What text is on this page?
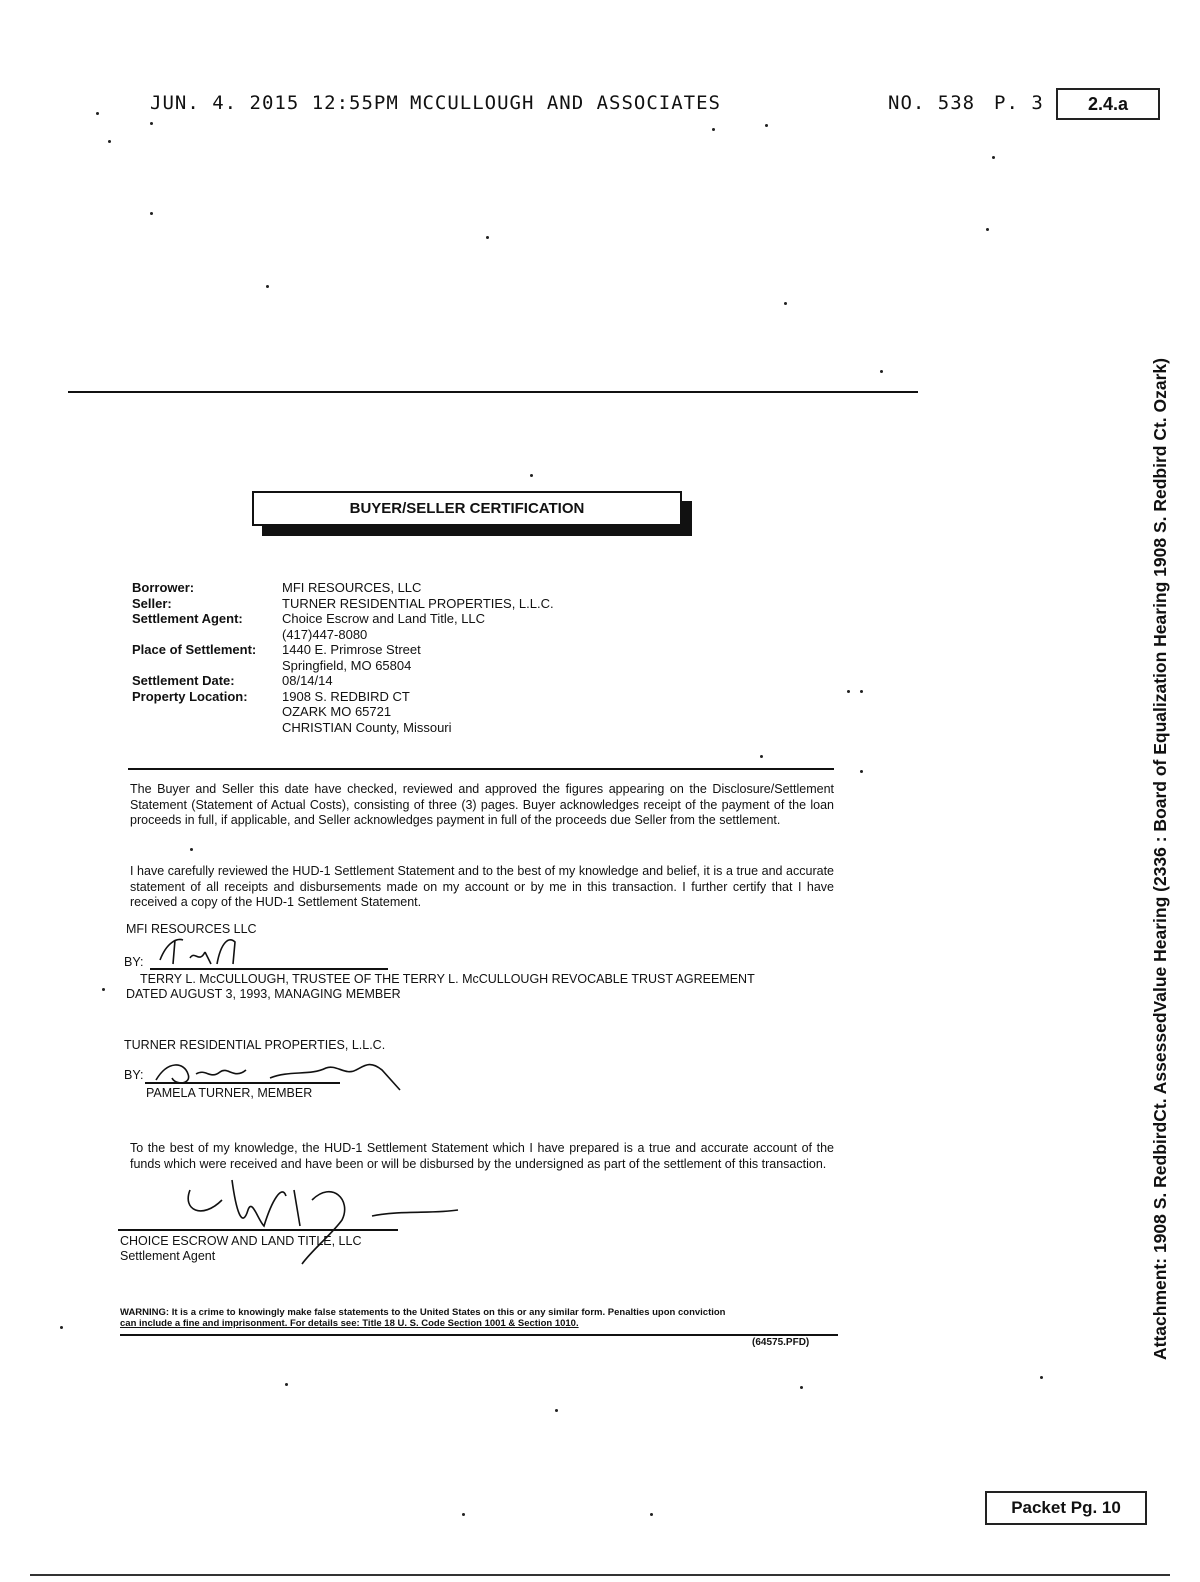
JUN. 4. 2015 12:55PM MCCULLOUGH AND ASSOCIATES	NO. 538 P. 3	2.4.a
BUYER/SELLER CERTIFICATION
Borrower:	MFI RESOURCES, LLC

Seller:	TURNER RESIDENTIAL PROPERTIES, L.L.C.

Settlement Agent:	Choice Escrow and Land Title, LLC
(417)447-8080

Place of Settlement:	1440 E. Primrose Street
Springfield, MO 65804

Settlement Date:	08/14/14

Property Location:	1908 S. REDBIRD CT
OZARK MO 65721
CHRISTIAN County, Missouri
The Buyer and Seller this date have checked, reviewed and approved the figures appearing on the Disclosure/Settlement Statement (Statement of Actual Costs), consisting of three (3) pages. Buyer acknowledges receipt of the payment of the loan proceeds in full, if applicable, and Seller acknowledges payment in full of the proceeds due Seller from the settlement.
I have carefully reviewed the HUD-1 Settlement Statement and to the best of my knowledge and belief, it is a true and accurate statement of all receipts and disbursements made on my account or by me in this transaction. I further certify that I have received a copy of the HUD-1 Settlement Statement.
MFI RESOURCES LLC
BY:
TERRY L. McCULLOUGH, TRUSTEE OF THE TERRY L. McCULLOUGH REVOCABLE TRUST AGREEMENT
DATED AUGUST 3, 1993, MANAGING MEMBER
TURNER RESIDENTIAL PROPERTIES, L.L.C.
BY:
PAMELA TURNER, MEMBER
To the best of my knowledge, the HUD-1 Settlement Statement which I have prepared is a true and accurate account of the funds which were received and have been or will be disbursed by the undersigned as part of the settlement of this transaction.
CHOICE ESCROW AND LAND TITLE, LLC
Settlement Agent
WARNING: It is a crime to knowingly make false statements to the United States on this or any similar form. Penalties upon conviction
can include a fine and imprisonment. For details see: Title 18 U. S. Code Section 1001 & Section 1010.
(64575.PFD)	Attachment: 1908 S. RedbirdCt. AssessedValue Hearing (2336 : Board of Equalization Hearing 1908 S. Redbird Ct. Ozark)
Packet Pg. 10
